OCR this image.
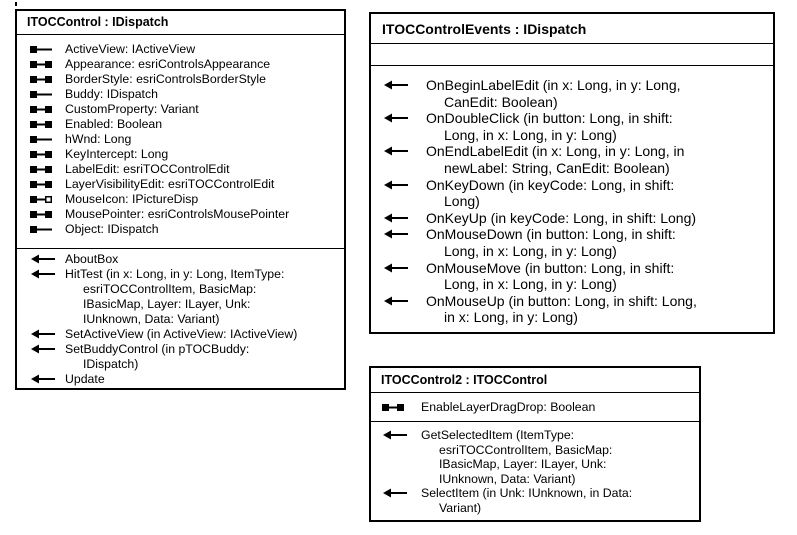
ITOCControl : IDispatch
ActiveView: IActiveView
Appearance: esriControlsAppearance
BorderStyle: esriControlsBorderStyle
Buddy: IDispatch
CustomProperty: Variant
Enabled: Boolean
hWnd: Long
KeyIntercept: Long
LabelEdit: esriTOCControlEdit
LayerVisibilityEdit: esriTOCControlEdit
MouseIcon: IPictureDisp
MousePointer: esriControlsMousePointer
Object: IDispatch
AboutBox
HitTest (in x: Long, in y: Long, ItemType:
esriTOCControlItem, BasicMap:
IBasicMap, Layer: ILayer, Unk:
IUnknown, Data: Variant)
SetActiveView (in ActiveView: IActiveView)
SetBuddyControl (in pTOCBuddy:
IDispatch)
Update
ITOCControlEvents : IDispatch
OnBeginLabelEdit (in x: Long, in y: Long,
CanEdit: Boolean)
OnDoubleClick (in button: Long, in shift:
Long, in x: Long, in y: Long)
OnEndLabelEdit (in x: Long, in y: Long, in
newLabel: String, CanEdit: Boolean)
OnKeyDown (in keyCode: Long, in shift:
Long)
OnKeyUp (in keyCode: Long, in shift: Long)
OnMouseDown (in button: Long, in shift:
Long, in x: Long, in y: Long)
OnMouseMove (in button: Long, in shift:
Long, in x: Long, in y: Long)
OnMouseUp (in button: Long, in shift: Long,
in x: Long, in y: Long)
ITOCControl2 : ITOCControl
EnableLayerDragDrop: Boolean
GetSelectedItem (ItemType:
esriTOCControlItem, BasicMap:
IBasicMap, Layer: ILayer, Unk:
IUnknown, Data: Variant)
SelectItem (in Unk: IUnknown, in Data:
Variant)
